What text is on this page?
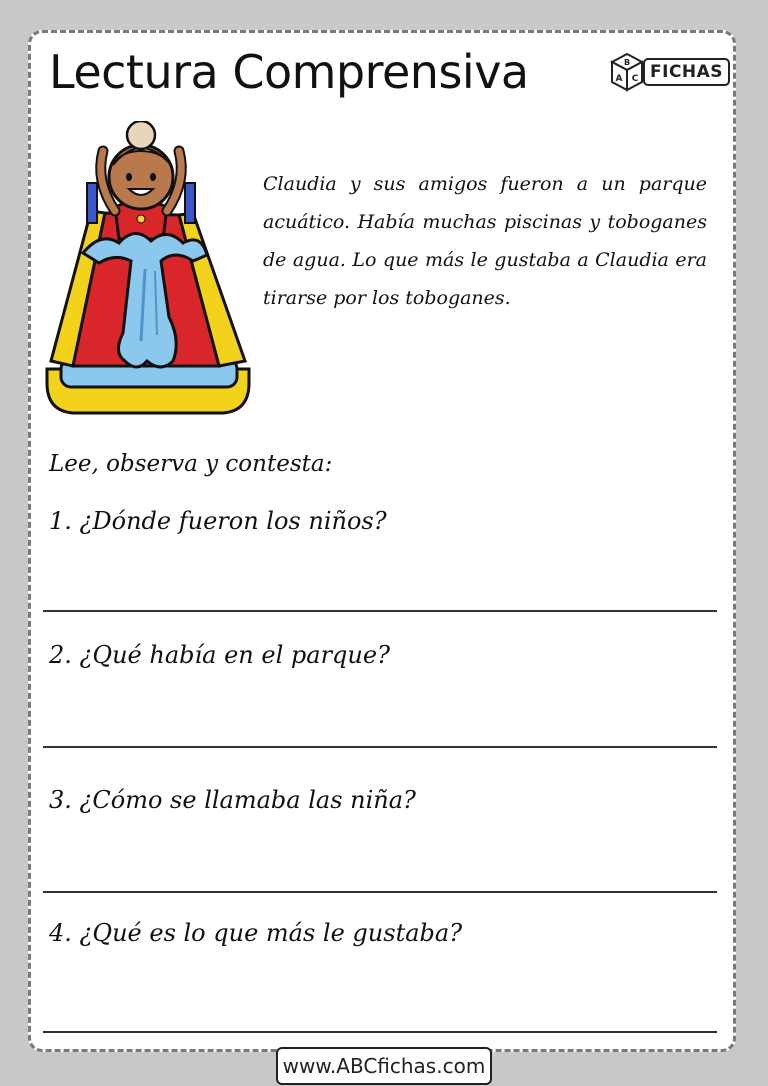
Lectura Comprensiva	B
A C FICHAS
Claudia y sus amigos fueron a un parque acuático. Había muchas piscinas y toboganes de agua. Lo que más le gustaba a Claudia era tirarse por los toboganes.
Lee, observa y contesta:
1. ¿Dónde fueron los niños?
2. ¿Qué había en el parque?
3. ¿Cómo se llamaba las niña?
4. ¿Qué es lo que más le gustaba?
www.ABCfichas.com
